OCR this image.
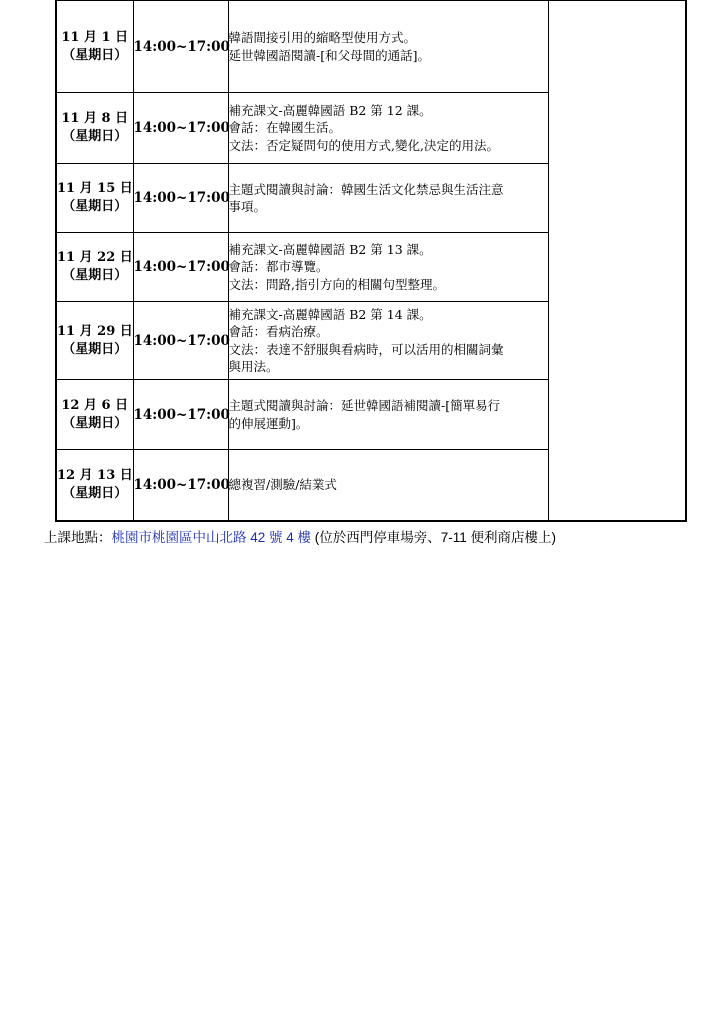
11 月 1 日
（星期日）	14:00~17:00	韓語間接引用的縮略型使用方式。
延世韓國語閱讀-[和父母間的通話]。	

11 月 8 日
（星期日）	14:00~17:00	補充課文-高麗韓國語 B2 第 12 課。
會話：在韓國生活。
文法：否定疑問句的使用方式,變化,決定的用法。	

11 月 15 日
（星期日）	14:00~17:00	主題式閱讀與討論：韓國生活文化禁忌與生活注意
事項。	

11 月 22 日
（星期日）	14:00~17:00	補充課文-高麗韓國語 B2 第 13 課。
會話：都市導覽。
文法：問路,指引方向的相關句型整理。	

11 月 29 日
（星期日）	14:00~17:00	補充課文-高麗韓國語 B2 第 14 課。
會話：看病治療。
文法：表達不舒服與看病時，可以活用的相關詞彙
與用法。	

12 月 6 日
（星期日）	14:00~17:00	主題式閱讀與討論：延世韓國語補閱讀-[簡單易行
的伸展運動]。	

12 月 13 日
（星期日）	14:00~17:00	總複習/測驗/結業式	
上課地點：桃園市桃園區中山北路 42 號 4 樓 (位於西門停車場旁、7-11 便利商店樓上)
